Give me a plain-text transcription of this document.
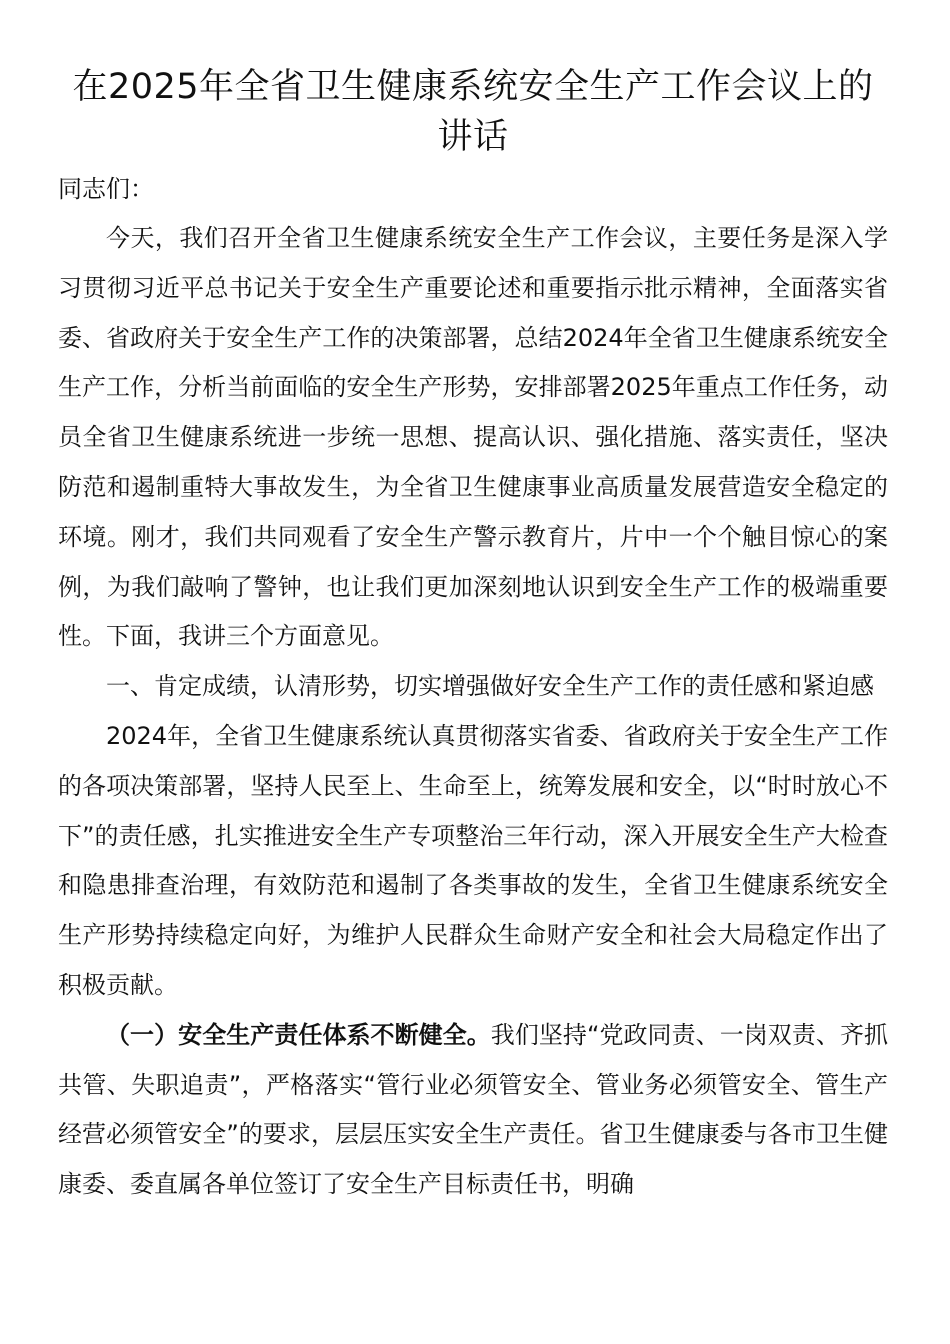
在2025年全省卫生健康系统安全生产工作会议上的讲话

同志们：

今天，我们召开全省卫生健康系统安全生产工作会议，主要任务是深入学习贯彻习近平总书记关于安全生产重要论述和重要指示批示精神，全面落实省委、省政府关于安全生产工作的决策部署，总结2024年全省卫生健康系统安全生产工作，分析当前面临的安全生产形势，安排部署2025年重点工作任务，动员全省卫生健康系统进一步统一思想、提高认识、强化措施、落实责任，坚决防范和遏制重特大事故发生，为全省卫生健康事业高质量发展营造安全稳定的环境。刚才，我们共同观看了安全生产警示教育片，片中一个个触目惊心的案例，为我们敲响了警钟，也让我们更加深刻地认识到安全生产工作的极端重要性。下面，我讲三个方面意见。

一、肯定成绩，认清形势，切实增强做好安全生产工作的责任感和紧迫感

2024年，全省卫生健康系统认真贯彻落实省委、省政府关于安全生产工作的各项决策部署，坚持人民至上、生命至上，统筹发展和安全，以“时时放心不下”的责任感，扎实推进安全生产专项整治三年行动，深入开展安全生产大检查和隐患排查治理，有效防范和遏制了各类事故的发生，全省卫生健康系统安全生产形势持续稳定向好，为维护人民群众生命财产安全和社会大局稳定作出了积极贡献。

（一）安全生产责任体系不断健全。我们坚持“党政同责、一岗双责、齐抓共管、失职追责”，严格落实“管行业必须管安全、管业务必须管安全、管生产经营必须管安全”的要求，层层压实安全生产责任。省卫生健康委与各市卫生健康委、委直属各单位签订了安全生产目标责任书，明确
